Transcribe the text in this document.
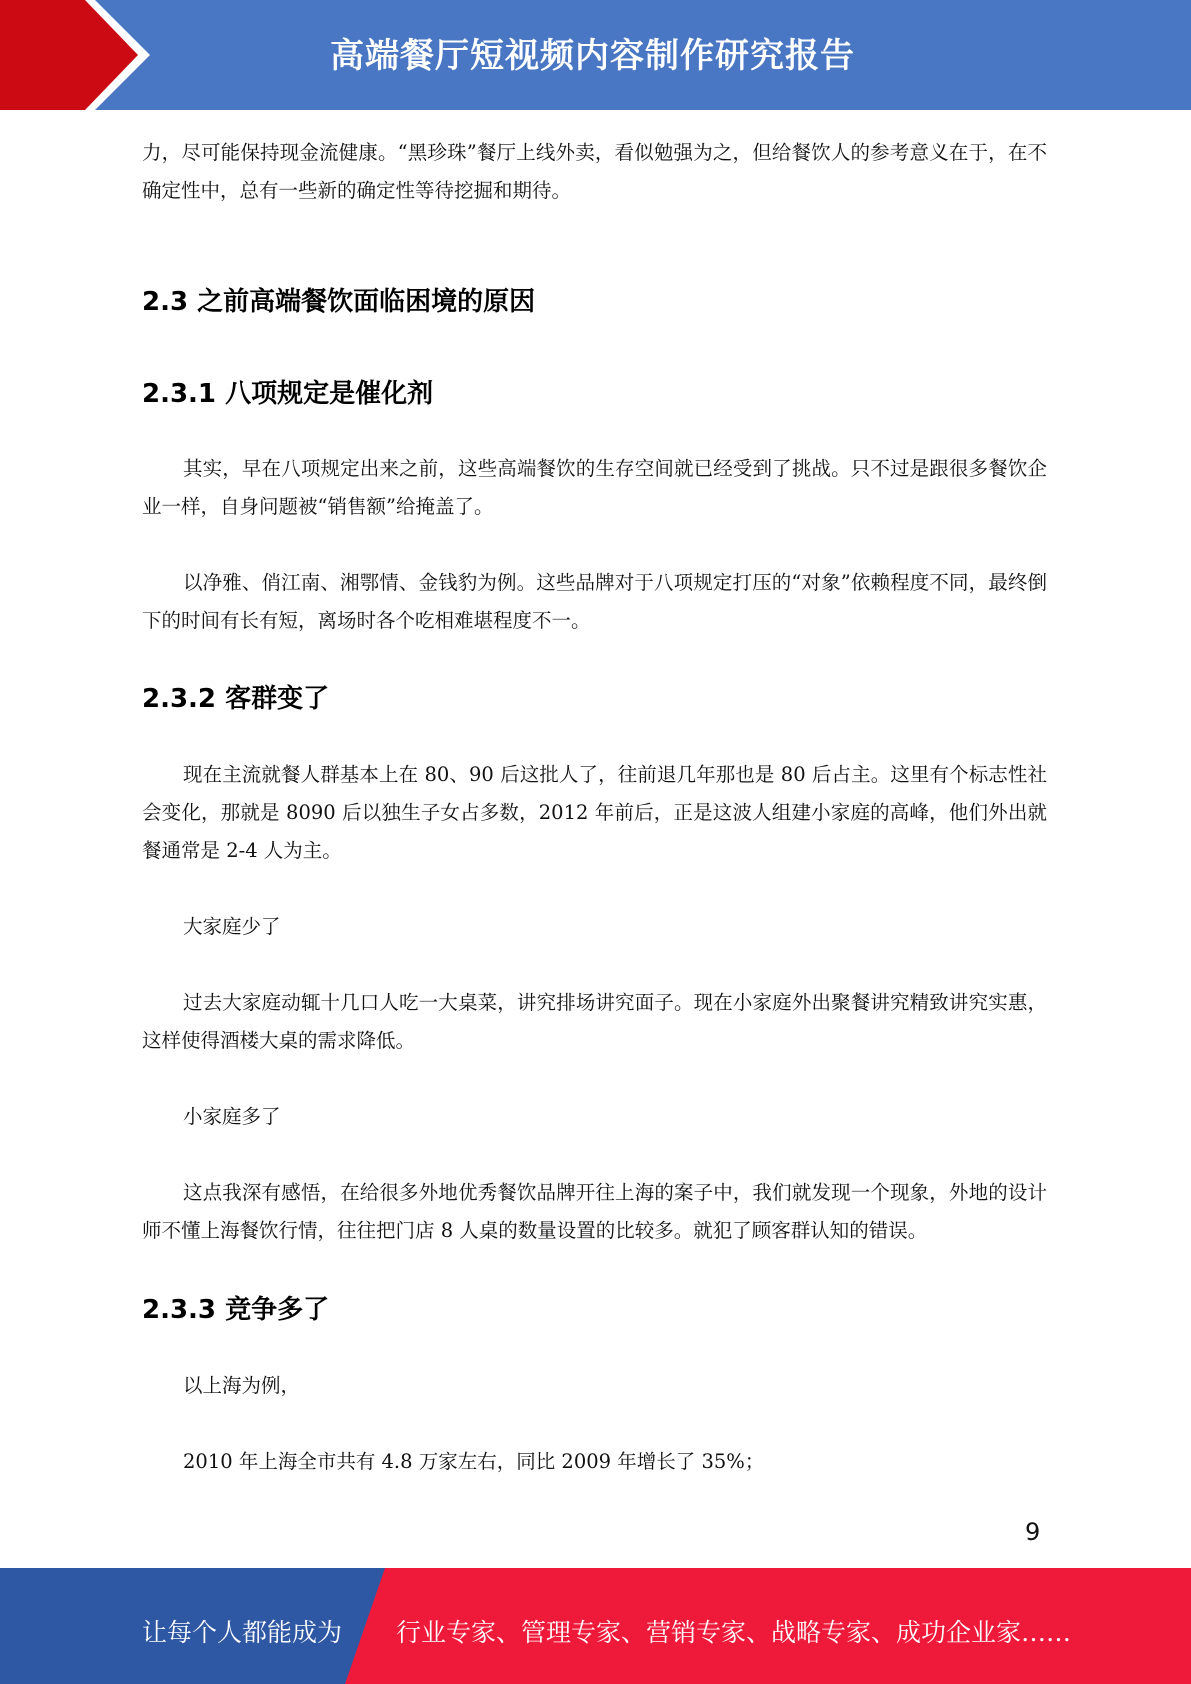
高端餐厅短视频内容制作研究报告

力，尽可能保持现金流健康。“黑珍珠”餐厅上线外卖，看似勉强为之，但给餐饮人的参考意义在于，在不确定性中，总有一些新的确定性等待挖掘和期待。

2.3 之前高端餐饮面临困境的原因
2.3.1 八项规定是催化剂

其实，早在八项规定出来之前，这些高端餐饮的生存空间就已经受到了挑战。只不过是跟很多餐饮企业一样，自身问题被“销售额”给掩盖了。

以净雅、俏江南、湘鄂情、金钱豹为例。这些品牌对于八项规定打压的“对象”依赖程度不同，最终倒下的时间有长有短，离场时各个吃相难堪程度不一。

2.3.2 客群变了

现在主流就餐人群基本上在 80、90 后这批人了，往前退几年那也是 80 后占主。这里有个标志性社会变化，那就是 8090 后以独生子女占多数，2012 年前后，正是这波人组建小家庭的高峰，他们外出就餐通常是 2-4 人为主。

大家庭少了

过去大家庭动辄十几口人吃一大桌菜，讲究排场讲究面子。现在小家庭外出聚餐讲究精致讲究实惠，这样使得酒楼大桌的需求降低。

小家庭多了

这点我深有感悟，在给很多外地优秀餐饮品牌开往上海的案子中，我们就发现一个现象，外地的设计师不懂上海餐饮行情，往往把门店 8 人桌的数量设置的比较多。就犯了顾客群认知的错误。

2.3.3 竞争多了

以上海为例，

2010 年上海全市共有 4.8 万家左右，同比 2009 年增长了 35%；

9
让每个人都能成为 行业专家、管理专家、营销专家、战略专家、成功企业家……
